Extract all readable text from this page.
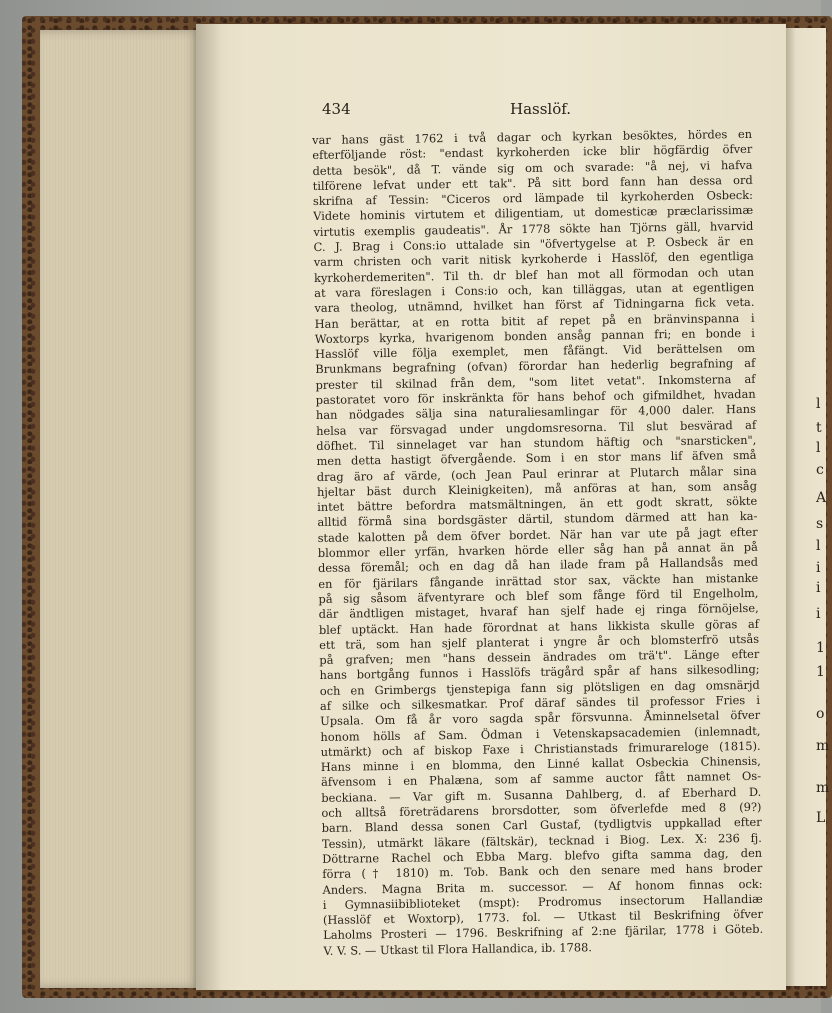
l
t
l
c
A
s
l
i
i
i
1
1
o
m
m
L
434	Hasslöf.
var hans gäst 1762 i två dagar och kyrkan besöktes, hördes en
efterföljande röst: "endast kyrkoherden icke blir högfärdig öfver
detta besök", då T. vände sig om och svarade: "å nej, vi hafva
tilförene lefvat under ett tak". På sitt bord fann han dessa ord
skrifna af Tessin: "Ciceros ord lämpade til kyrkoherden Osbeck:
Videte hominis virtutem et diligentiam, ut domesticæ præclarissimæ
virtutis exemplis gaudeatis". År 1778 sökte han Tjörns gäll, hvarvid
C. J. Brag i Cons:io uttalade sin "öfvertygelse at P. Osbeck är en
varm christen och varit nitisk kyrkoherde i Hasslöf, den egentliga
kyrkoherdemeriten". Til th. dr blef han mot all förmodan och utan
at vara föreslagen i Cons:io och, kan tilläggas, utan at egentligen
vara theolog, utnämnd, hvilket han först af Tidningarna fick veta.
Han berättar, at en rotta bitit af repet på en bränvinspanna i
Woxtorps kyrka, hvarigenom bonden ansåg pannan fri; en bonde i
Hasslöf ville följa exemplet, men fåfängt. Vid berättelsen om
Brunkmans begrafning (ofvan) förordar han hederlig begrafning af
prester til skilnad från dem, "som litet vetat". Inkomsterna af
pastoratet voro för inskränkta för hans behof och gifmildhet, hvadan
han nödgades sälja sina naturaliesamlingar för 4,000 daler. Hans
helsa var försvagad under ungdomsresorna. Til slut besvärad af
döfhet. Til sinnelaget var han stundom häftig och "snarsticken",
men detta hastigt öfvergående. Som i en stor mans lif äfven små
drag äro af värde, (och Jean Paul erinrar at Plutarch målar sina
hjeltar bäst durch Kleinigkeiten), må anföras at han, som ansåg
intet bättre befordra matsmältningen, än ett godt skratt, sökte
alltid förmå sina bordsgäster därtil, stundom därmed att han ka-
stade kalotten på dem öfver bordet. När han var ute på jagt efter
blommor eller yrfän, hvarken hörde eller såg han på annat än på
dessa föremål; och en dag då han ilade fram på Hallandsås med
en för fjärilars fångande inrättad stor sax, väckte han mistanke
på sig såsom äfventyrare och blef som fånge förd til Engelholm,
där ändtligen mistaget, hvaraf han sjelf hade ej ringa förnöjelse,
blef uptäckt. Han hade förordnat at hans likkista skulle göras af
ett trä, som han sjelf planterat i yngre år och blomsterfrö utsås
på grafven; men "hans dessein ändrades om trä't". Länge efter
hans bortgång funnos i Hasslöfs trägård spår af hans silkesodling;
och en Grimbergs tjenstepiga fann sig plötsligen en dag omsnärjd
af silke och silkesmatkar. Prof däraf sändes til professor Fries i
Upsala. Om få år voro sagda spår försvunna. Åminnelsetal öfver
honom hölls af Sam. Ödman i Vetenskapsacademien (inlemnadt,
utmärkt) och af biskop Faxe i Christianstads frimurareloge (1815).
Hans minne i en blomma, den Linné kallat Osbeckia Chinensis,
äfvensom i en Phalæna, som af samme auctor fått namnet Os-
beckiana. — Var gift m. Susanna Dahlberg, d. af Eberhard D.
och alltså företrädarens brorsdotter, som öfverlefde med 8 (9?)
barn. Bland dessa sonen Carl Gustaf, (tydligtvis uppkallad efter
Tessin), utmärkt läkare (fältskär), tecknad i Biog. Lex. X: 236 fj.
Döttrarne Rachel och Ebba Marg. blefvo gifta samma dag, den
förra († 1810) m. Tob. Bank och den senare med hans broder
Anders. Magna Brita m. successor. — Af honom finnas ock:
i Gymnasiibiblioteket (mspt): Prodromus insectorum Hallandiæ
(Hasslöf et Woxtorp), 1773. fol. — Utkast til Beskrifning öfver
Laholms Prosteri — 1796. Beskrifning af 2:ne fjärilar, 1778 i Göteb.
V. V. S. — Utkast til Flora Hallandica, ib. 1788.
